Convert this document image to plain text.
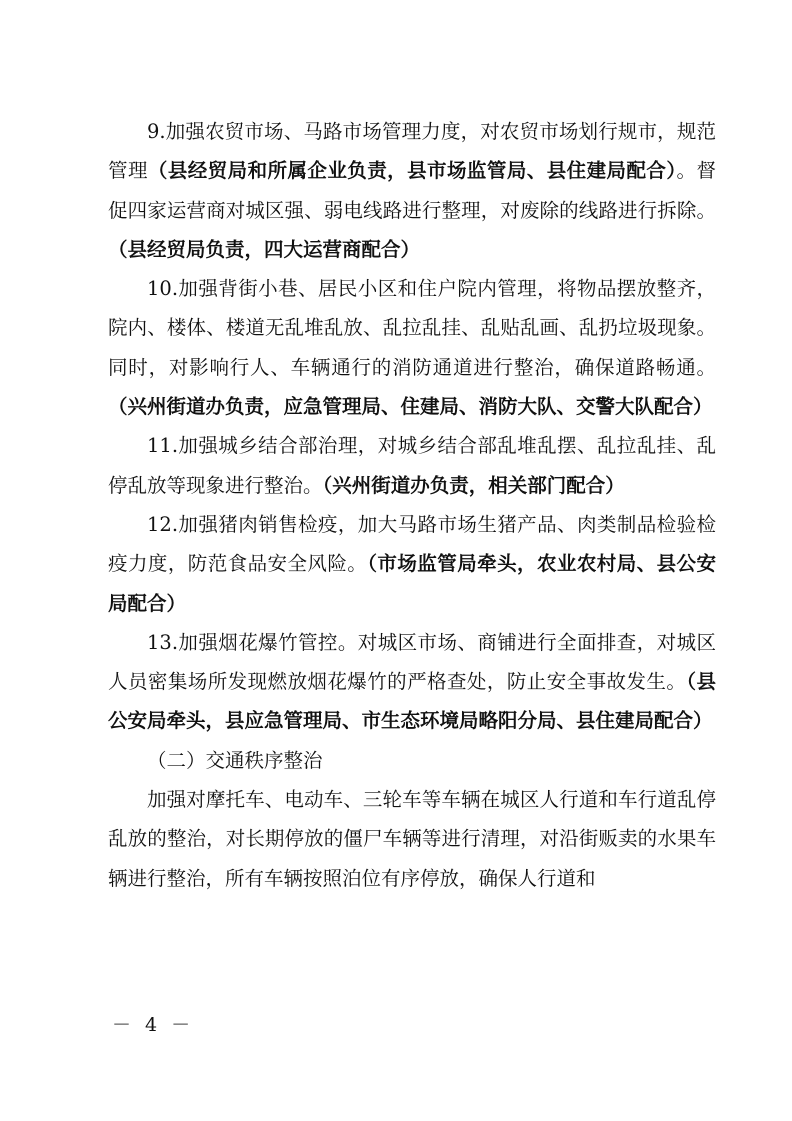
9.加强农贸市场、马路市场管理力度，对农贸市场划行规市，规范管理（县经贸局和所属企业负责，县市场监管局、县住建局配合）。督促四家运营商对城区强、弱电线路进行整理，对废除的线路进行拆除。（县经贸局负责，四大运营商配合）

10.加强背街小巷、居民小区和住户院内管理，将物品摆放整齐，院内、楼体、楼道无乱堆乱放、乱拉乱挂、乱贴乱画、乱扔垃圾现象。同时，对影响行人、车辆通行的消防通道进行整治，确保道路畅通。（兴州街道办负责，应急管理局、住建局、消防大队、交警大队配合）

11.加强城乡结合部治理，对城乡结合部乱堆乱摆、乱拉乱挂、乱停乱放等现象进行整治。（兴州街道办负责，相关部门配合）

12.加强猪肉销售检疫，加大马路市场生猪产品、肉类制品检验检疫力度，防范食品安全风险。（市场监管局牵头，农业农村局、县公安局配合）

13.加强烟花爆竹管控。对城区市场、商铺进行全面排查，对城区人员密集场所发现燃放烟花爆竹的严格查处，防止安全事故发生。（县公安局牵头，县应急管理局、市生态环境局略阳分局、县住建局配合）

（二）交通秩序整治

加强对摩托车、电动车、三轮车等车辆在城区人行道和车行道乱停乱放的整治，对长期停放的僵尸车辆等进行清理，对沿街贩卖的水果车辆进行整治，所有车辆按照泊位有序停放，确保人行道和

－ 4 －
